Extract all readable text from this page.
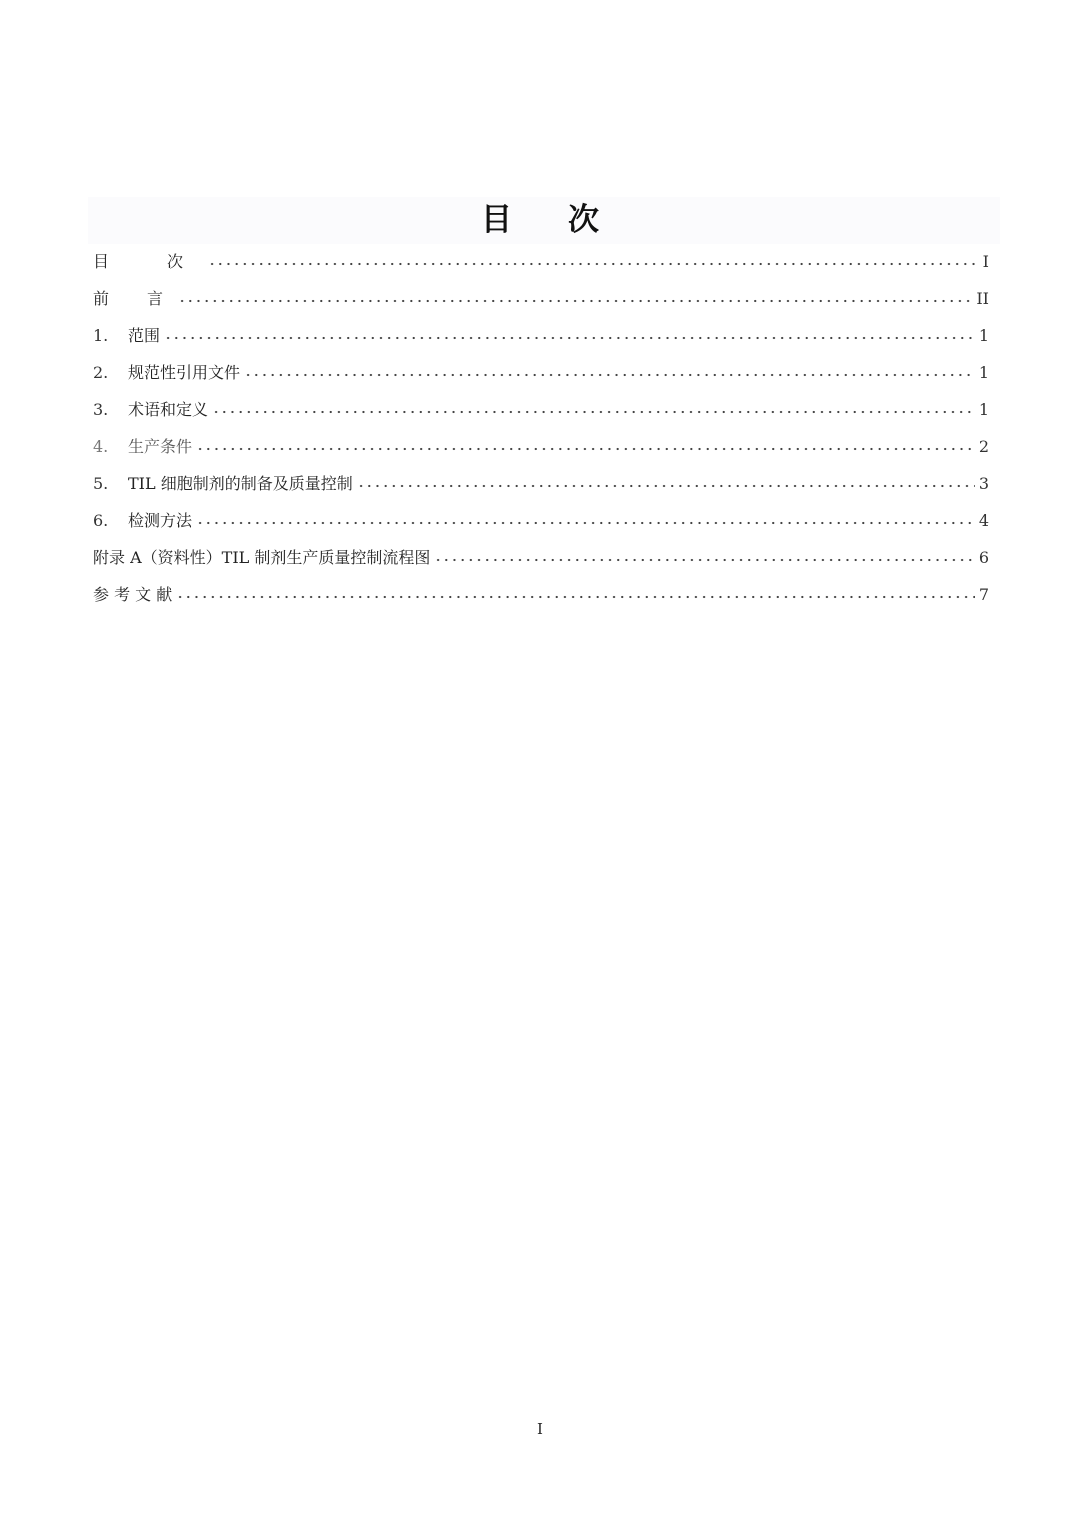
目 次
目　次	I
前　言	II
1.	范围	1
2.	规范性引用文件	1
3.	术语和定义	1
4.	生产条件	2
5.	TIL 细胞制剂的制备及质量控制	3
6.	检测方法	4
附录 A（资料性）TIL 制剂生产质量控制流程图	6
参 考 文 献	7
I
